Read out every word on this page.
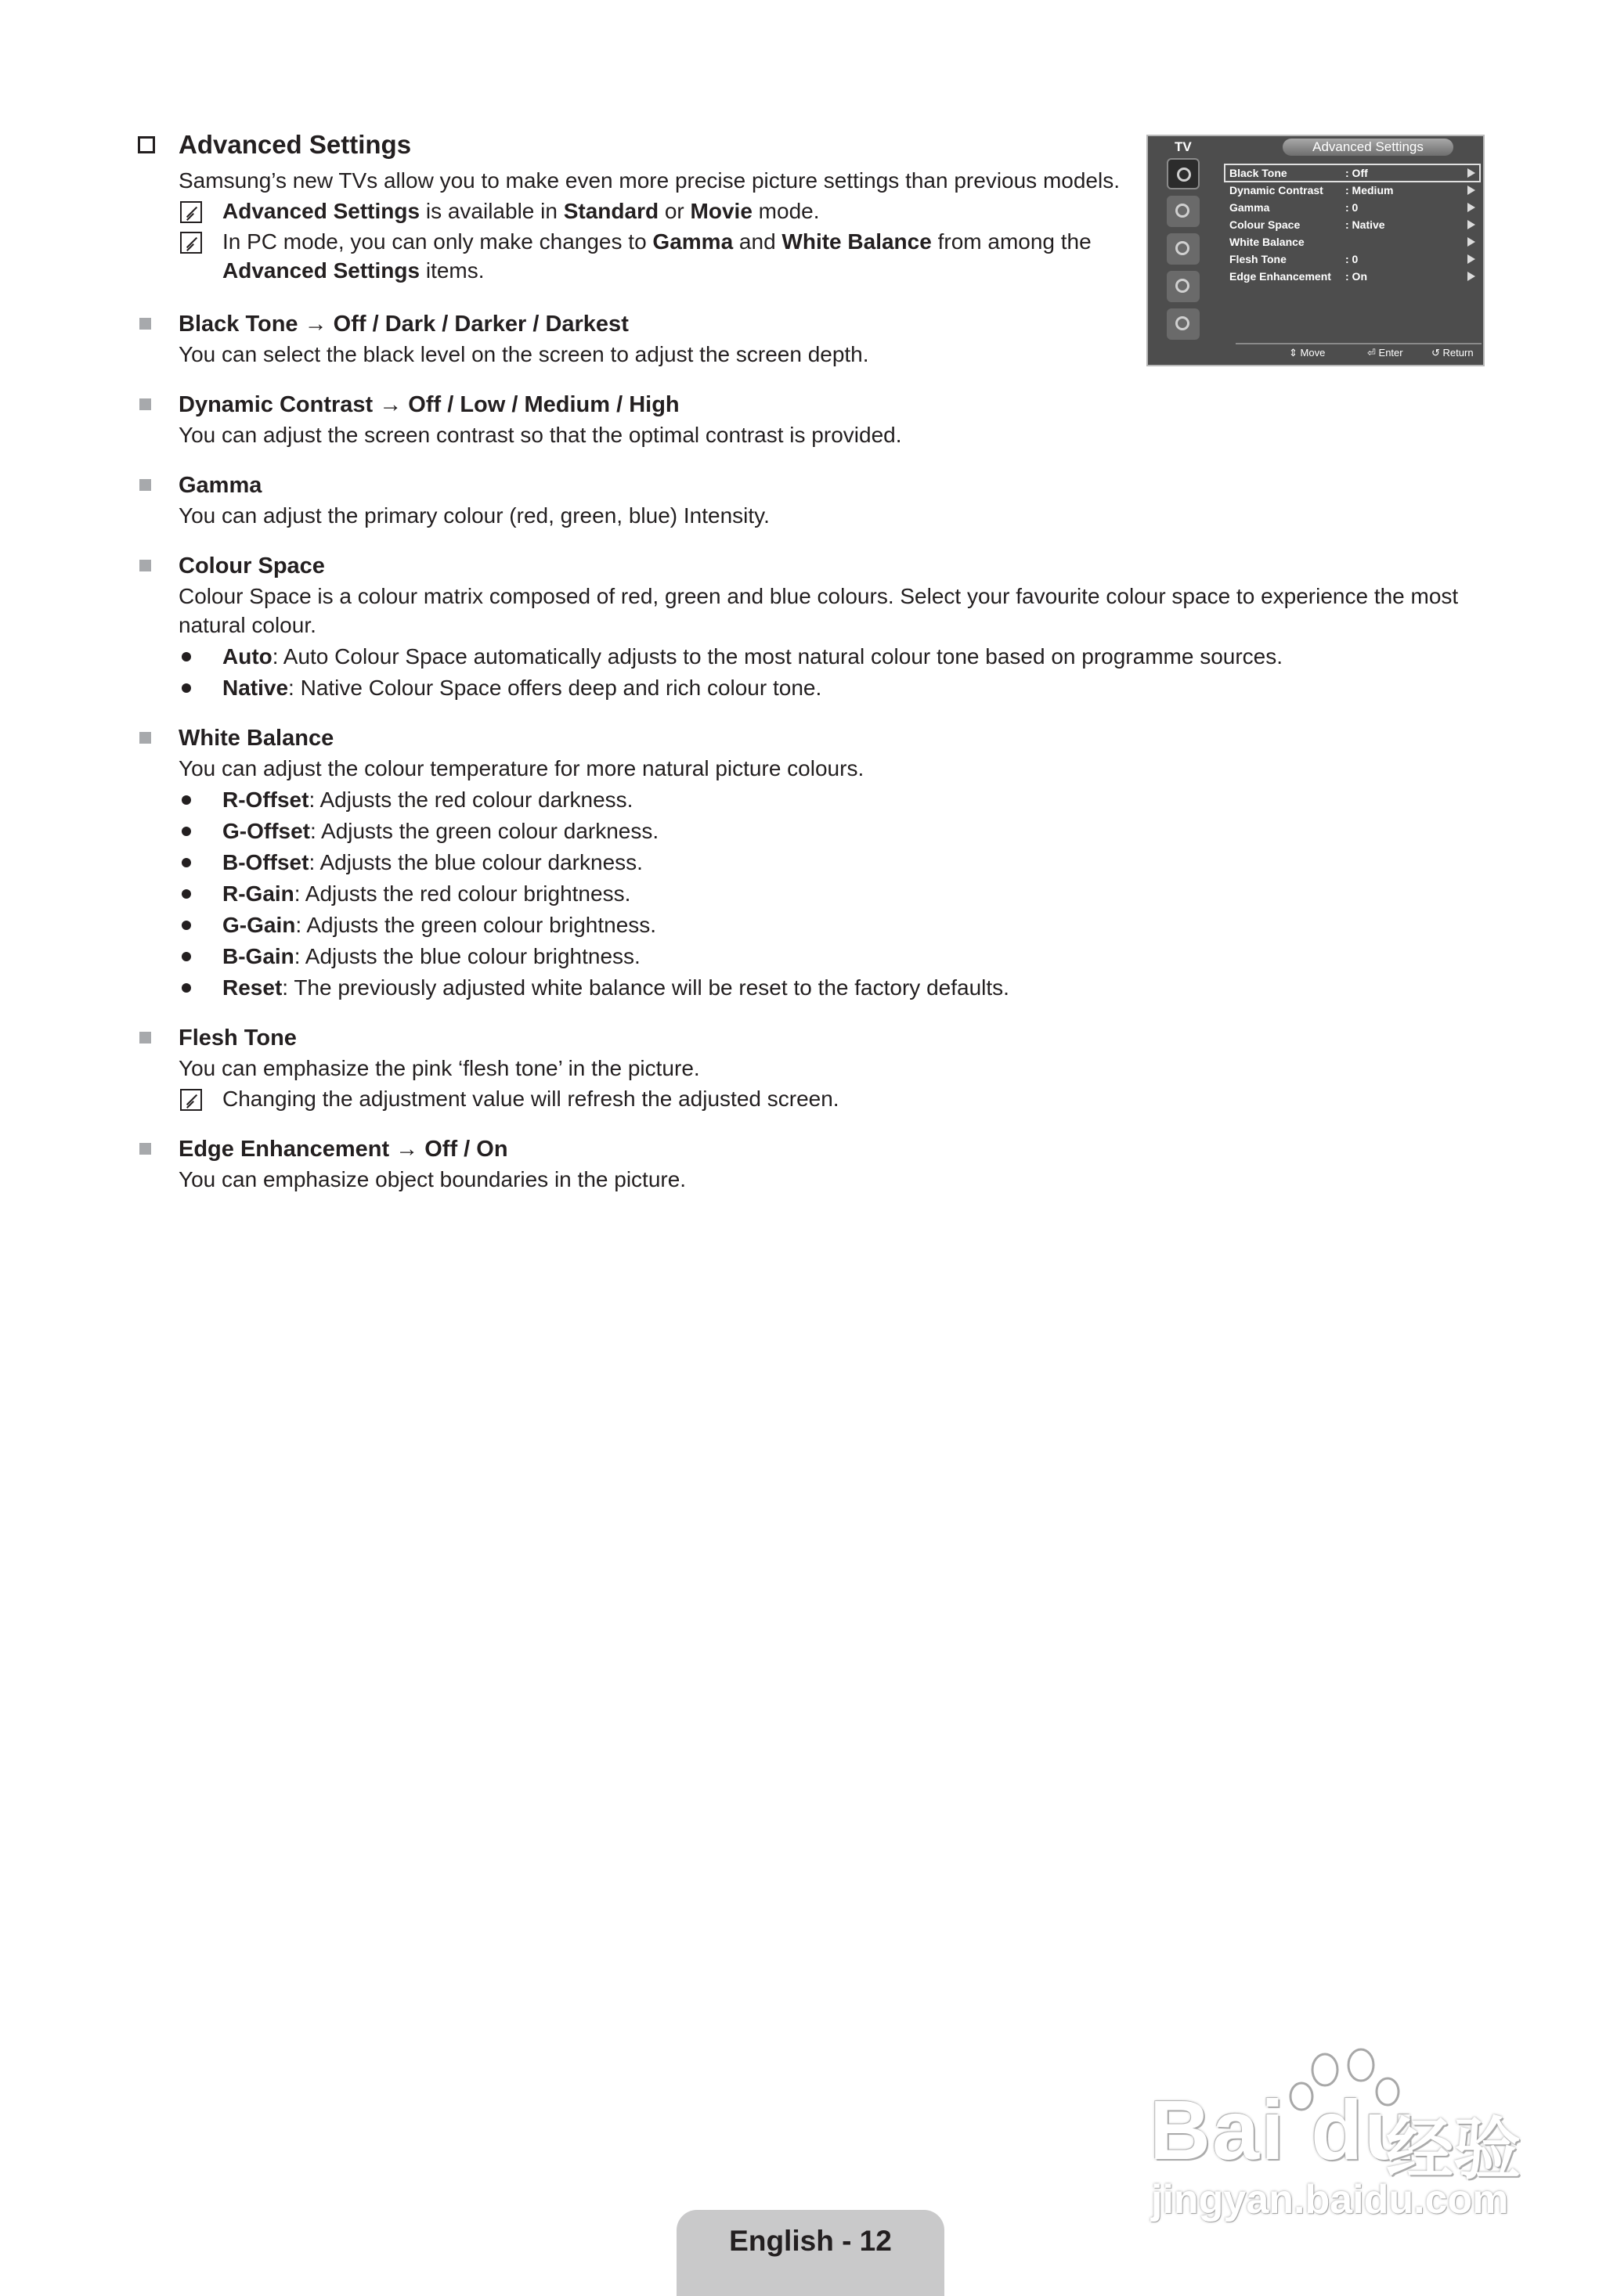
Advanced Settings
Samsung’s new TVs allow you to make even more precise picture settings than previous models.
Advanced Settings is available in Standard or Movie mode.
In PC mode, you can only make changes to Gamma and White Balance from among the Advanced Settings items.
Black Tone → Off / Dark / Darker / Darkest
You can select the black level on the screen to adjust the screen depth.
Dynamic Contrast → Off / Low / Medium / High
You can adjust the screen contrast so that the optimal contrast is provided.
Gamma
You can adjust the primary colour (red, green, blue) Intensity.
Colour Space
Colour Space is a colour matrix composed of red, green and blue colours. Select your favourite colour space to experience the most natural colour.
Auto: Auto Colour Space automatically adjusts to the most natural colour tone based on programme sources.
Native: Native Colour Space offers deep and rich colour tone.
White Balance
You can adjust the colour temperature for more natural picture colours.
R-Offset: Adjusts the red colour darkness.
G-Offset: Adjusts the green colour darkness.
B-Offset: Adjusts the blue colour darkness.
R-Gain: Adjusts the red colour brightness.
G-Gain: Adjusts the green colour brightness.
B-Gain: Adjusts the blue colour brightness.
Reset: The previously adjusted white balance will be reset to the factory defaults.
Flesh Tone
You can emphasize the pink ‘flesh tone’ in the picture.
Changing the adjustment value will refresh the adjusted screen.
Edge Enhancement → Off / On
You can emphasize object boundaries in the picture.
TV	Advanced Settings
Black Tone	: Off
Dynamic Contrast : Medium
Gamma	: 0
Colour Space	: Native
White Balance
Flesh Tone	: 0
Edge Enhancement : On
⇕ Move	⏎ Enter	↺ Return
Bai du
经验
jingyan.baidu.com
English - 12
